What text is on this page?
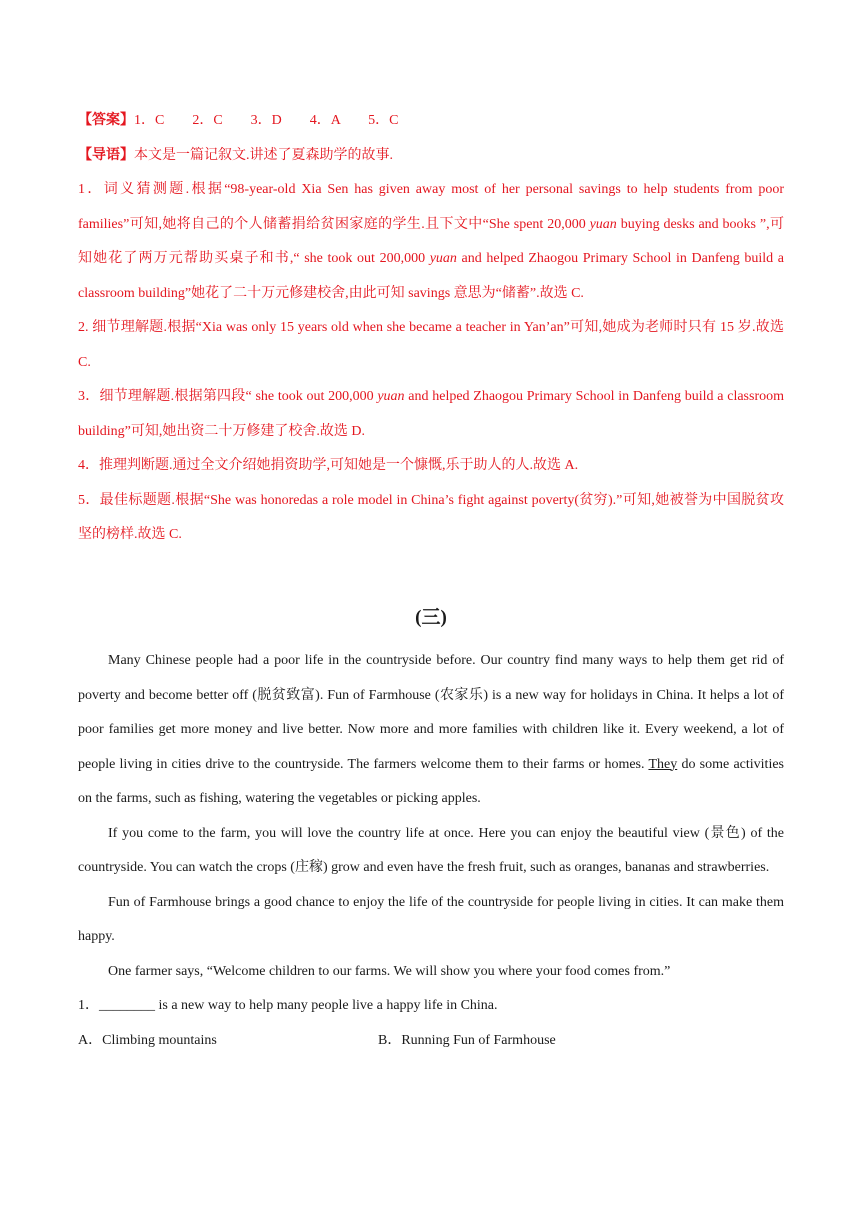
【答案】1．C　　2．C　　3．D　　4．A　　5．C

【导语】本文是一篇记叙文.讲述了夏森助学的故事.

1．词义猜测题.根据“98-year-old Xia Sen has given away most of her personal savings to help students from poor families”可知,她将自己的个人储蓄捐给贫困家庭的学生.且下文中“She spent 20,000 yuan buying desks and books ”,可知她花了两万元帮助买桌子和书,“ she took out 200,000 yuan and helped Zhaogou Primary School in Danfeng build a classroom building”她花了二十万元修建校舍,由此可知 savings 意思为“储蓄”.故选 C.

2. 细节理解题.根据“Xia was only 15 years old when she became a teacher in Yan’an”可知,她成为老师时只有 15 岁.故选 C.

3．细节理解题.根据第四段“ she took out 200,000 yuan and helped Zhaogou Primary School in Danfeng build a classroom building”可知,她出资二十万修建了校舍.故选 D.

4．推理判断题.通过全文介绍她捐资助学,可知她是一个慷慨,乐于助人的人.故选 A.

5．最佳标题题.根据“She was honoredas a role model in China’s fight against poverty(贫穷).”可知,她被誉为中国脱贫攻坚的榜样.故选 C.

(三)

Many Chinese people had a poor life in the countryside before. Our country find many ways to help them get rid of poverty and become better off (脱贫致富). Fun of Farmhouse (农家乐) is a new way for holidays in China. It helps a lot of poor families get more money and live better. Now more and more families with children like it. Every weekend, a lot of people living in cities drive to the countryside. The farmers welcome them to their farms or homes. They do some activities on the farms, such as fishing, watering the vegetables or picking apples.

If you come to the farm, you will love the country life at once. Here you can enjoy the beautiful view (景色) of the countryside. You can watch the crops (庄稼) grow and even have the fresh fruit, such as oranges, bananas and strawberries.

Fun of Farmhouse brings a good chance to enjoy the life of the countryside for people living in cities. It can make them happy.

One farmer says, “Welcome children to our farms. We will show you where your food comes from.”

1．________ is a new way to help many people live a happy life in China.

A．Climbing mountains	B．Running Fun of Farmhouse
